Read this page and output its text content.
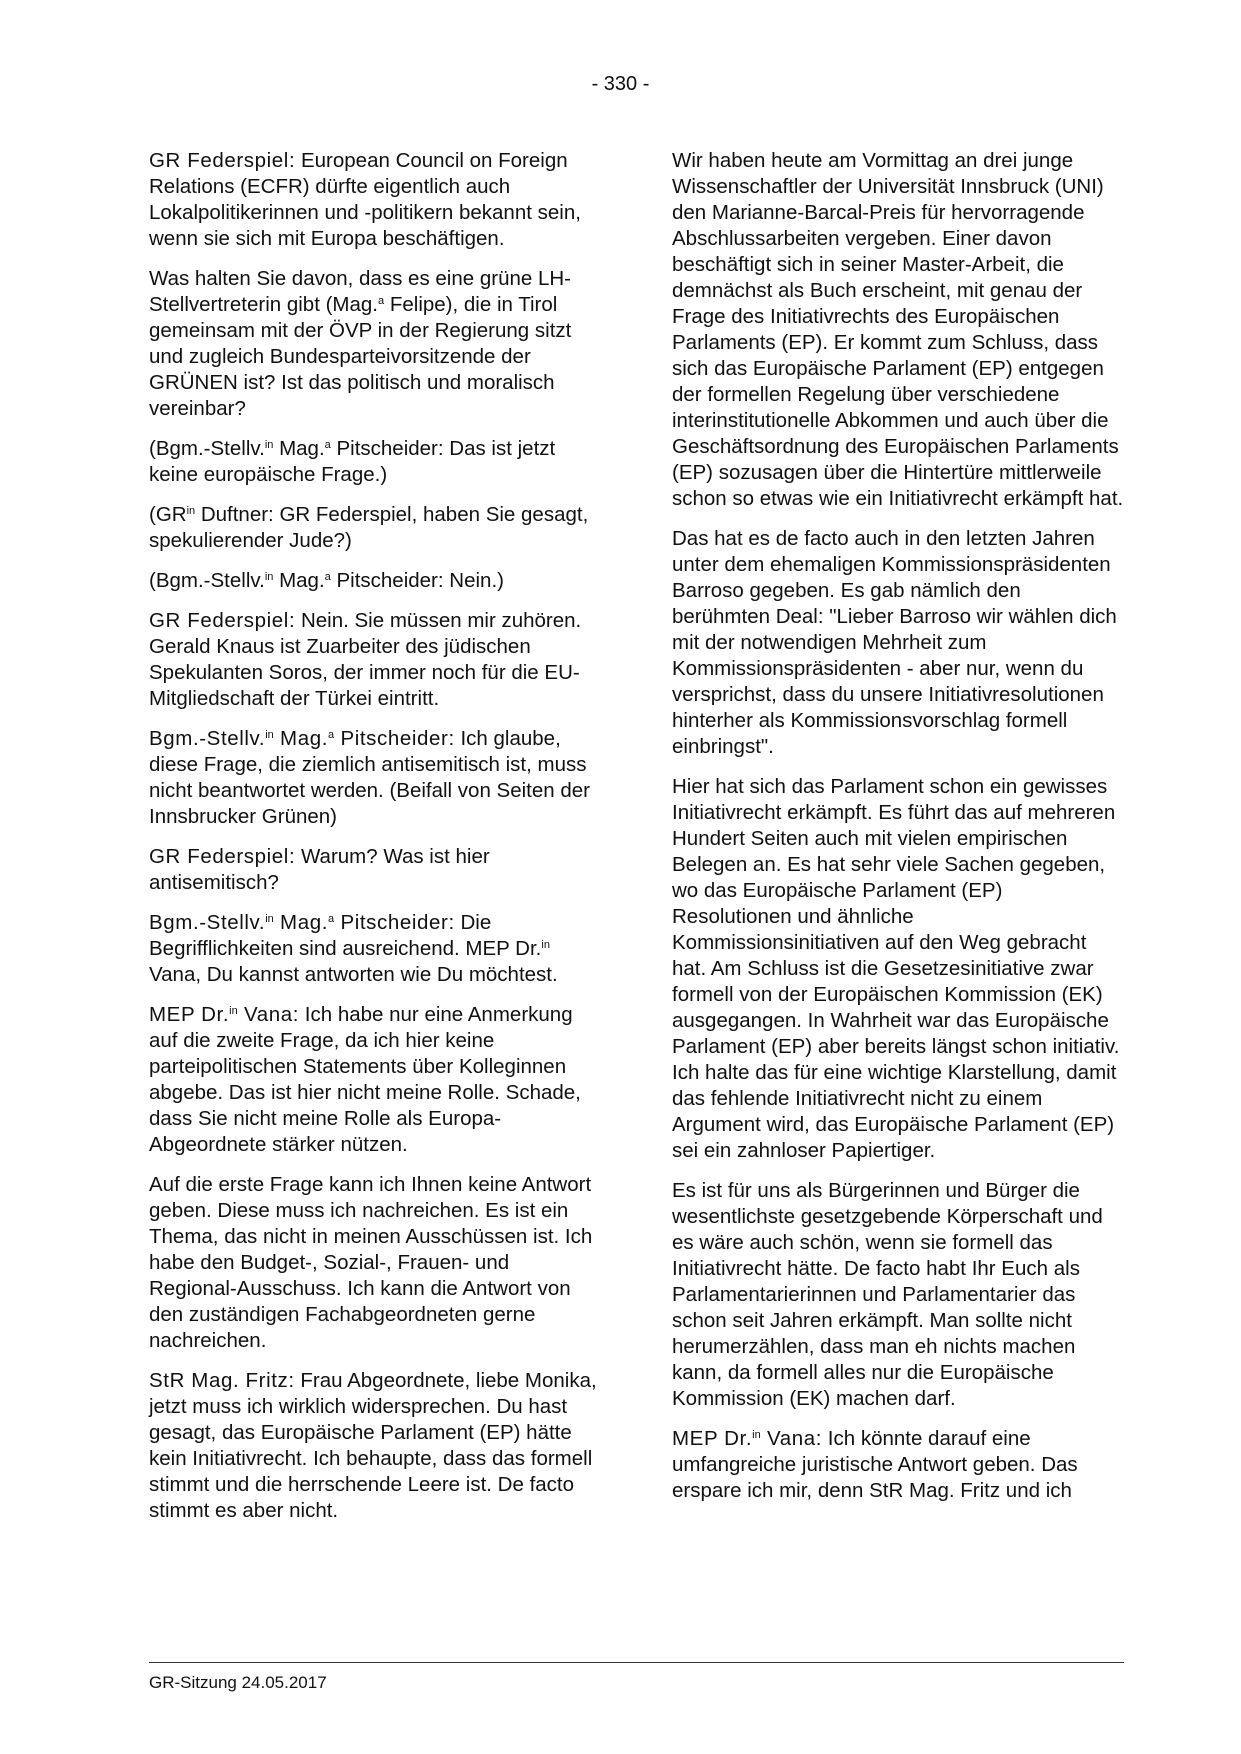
- 330 -

GR Federspiel: European Council on Foreign Relations (ECFR) dürfte eigentlich auch Lokalpolitikerinnen und -politikern bekannt sein, wenn sie sich mit Europa beschäftigen.

Was halten Sie davon, dass es eine grüne LH-Stellvertreterin gibt (Mag.$^a$ Felipe), die in Tirol gemeinsam mit der ÖVP in der Regierung sitzt und zugleich Bundesparteivorsitzende der GRÜNEN ist? Ist das politisch und moralisch vereinbar?

(Bgm.-Stellv.$^{in}$ Mag.$^a$ Pitscheider: Das ist jetzt keine europäische Frage.)

($GR^{in}$ Duftner: GR Federspiel, haben Sie gesagt, spekulierender Jude?)

(Bgm.-Stellv.$^{in}$ Mag.$^a$ Pitscheider: Nein.)

GR Federspiel: Nein. Sie müssen mir zuhören. Gerald Knaus ist Zuarbeiter des jüdischen Spekulanten Soros, der immer noch für die EU-Mitgliedschaft der Türkei eintritt.

Bgm.-Stellv.$^{in}$ Mag.$^a$ Pitscheider: Ich glaube, diese Frage, die ziemlich antisemitisch ist, muss nicht beantwortet werden. (Beifall von Seiten der Innsbrucker Grünen)

GR Federspiel: Warum? Was ist hier antisemitisch?

Bgm.-Stellv.$^{in}$ Mag.$^a$ Pitscheider: Die Begrifflichkeiten sind ausreichend. MEP Dr.$^{in}$ Vana, Du kannst antworten wie Du möchtest.

MEP Dr.$^{in}$ Vana: Ich habe nur eine Anmerkung auf die zweite Frage, da ich hier keine parteipolitischen Statements über Kolleginnen abgebe. Das ist hier nicht meine Rolle. Schade, dass Sie nicht meine Rolle als Europa-Abgeordnete stärker nützen.

Auf die erste Frage kann ich Ihnen keine Antwort geben. Diese muss ich nachreichen. Es ist ein Thema, das nicht in meinen Ausschüssen ist. Ich habe den Budget-, Sozial-, Frauen- und Regional-Ausschuss. Ich kann die Antwort von den zuständigen Fachabgeordneten gerne nachreichen.

StR Mag. Fritz: Frau Abgeordnete, liebe Monika, jetzt muss ich wirklich widersprechen. Du hast gesagt, das Europäische Parlament (EP) hätte kein Initiativrecht. Ich behaupte, dass das formell stimmt und die herrschende Leere ist. De facto stimmt es aber nicht.

Wir haben heute am Vormittag an drei junge Wissenschaftler der Universität Innsbruck (UNI) den Marianne-Barcal-Preis für hervorragende Abschlussarbeiten vergeben. Einer davon beschäftigt sich in seiner Master-Arbeit, die demnächst als Buch erscheint, mit genau der Frage des Initiativrechts des Europäischen Parlaments (EP). Er kommt zum Schluss, dass sich das Europäische Parlament (EP) entgegen der formellen Regelung über verschiedene interinstitutionelle Abkommen und auch über die Geschäftsordnung des Europäischen Parlaments (EP) sozusagen über die Hintertüre mittlerweile schon so etwas wie ein Initiativrecht erkämpft hat.

Das hat es de facto auch in den letzten Jahren unter dem ehemaligen Kommissionspräsidenten Barroso gegeben. Es gab nämlich den berühmten Deal: "Lieber Barroso wir wählen dich mit der notwendigen Mehrheit zum Kommissionspräsidenten - aber nur, wenn du versprichst, dass du unsere Initiativresolutionen hinterher als Kommissionsvorschlag formell einbringst".

Hier hat sich das Parlament schon ein gewisses Initiativrecht erkämpft. Es führt das auf mehreren Hundert Seiten auch mit vielen empirischen Belegen an. Es hat sehr viele Sachen gegeben, wo das Europäische Parlament (EP) Resolutionen und ähnliche Kommissionsinitiativen auf den Weg gebracht hat. Am Schluss ist die Gesetzesinitiative zwar formell von der Europäischen Kommission (EK) ausgegangen. In Wahrheit war das Europäische Parlament (EP) aber bereits längst schon initiativ. Ich halte das für eine wichtige Klarstellung, damit das fehlende Initiativrecht nicht zu einem Argument wird, das Europäische Parlament (EP) sei ein zahnloser Papiertiger.

Es ist für uns als Bürgerinnen und Bürger die wesentlichste gesetzgebende Körperschaft und es wäre auch schön, wenn sie formell das Initiativrecht hätte. De facto habt Ihr Euch als Parlamentarierinnen und Parlamentarier das schon seit Jahren erkämpft. Man sollte nicht herumerzählen, dass man eh nichts machen kann, da formell alles nur die Europäische Kommission (EK) machen darf.

MEP Dr.$^{in}$ Vana: Ich könnte darauf eine umfangreiche juristische Antwort geben. Das erspare ich mir, denn StR Mag. Fritz und ich

GR-Sitzung 24.05.2017
